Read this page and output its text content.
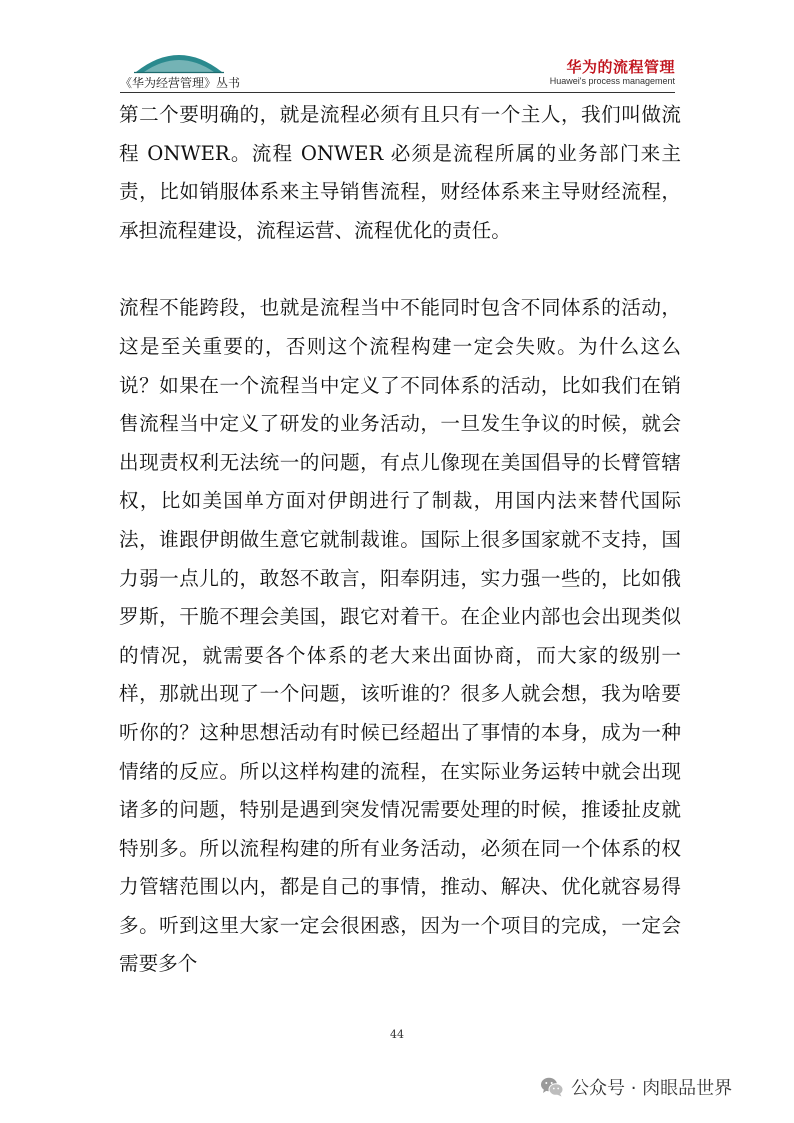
《华为经营管理》丛书
华为的流程管理
Huawei's process management

第二个要明确的，就是流程必须有且只有一个主人，我们叫做流程 ONWER。流程 ONWER 必须是流程所属的业务部门来主责，比如销服体系来主导销售流程，财经体系来主导财经流程，承担流程建设，流程运营、流程优化的责任。

流程不能跨段，也就是流程当中不能同时包含不同体系的活动，这是至关重要的，否则这个流程构建一定会失败。为什么这么说？如果在一个流程当中定义了不同体系的活动，比如我们在销售流程当中定义了研发的业务活动，一旦发生争议的时候，就会出现责权利无法统一的问题，有点儿像现在美国倡导的长臂管辖权，比如美国单方面对伊朗进行了制裁，用国内法来替代国际法，谁跟伊朗做生意它就制裁谁。国际上很多国家就不支持，国力弱一点儿的，敢怒不敢言，阳奉阴违，实力强一些的，比如俄罗斯，干脆不理会美国，跟它对着干。在企业内部也会出现类似的情况，就需要各个体系的老大来出面协商，而大家的级别一样，那就出现了一个问题，该听谁的？很多人就会想，我为啥要听你的？这种思想活动有时候已经超出了事情的本身，成为一种情绪的反应。所以这样构建的流程，在实际业务运转中就会出现诸多的问题，特别是遇到突发情况需要处理的时候，推诿扯皮就特别多。所以流程构建的所有业务活动，必须在同一个体系的权力管辖范围以内，都是自己的事情，推动、解决、优化就容易得多。听到这里大家一定会很困惑，因为一个项目的完成，一定会需要多个

44
公众号 · 肉眼品世界
